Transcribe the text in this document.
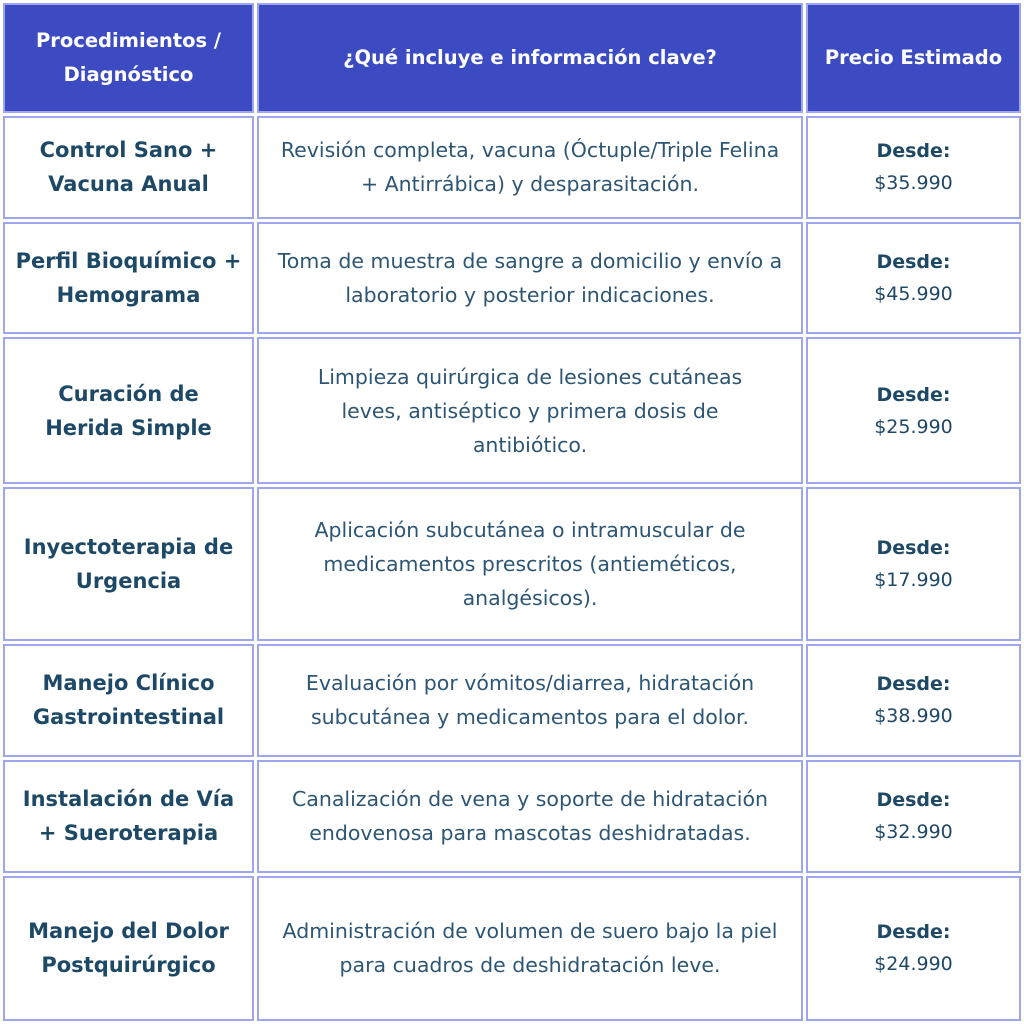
Procedimientos / Diagnóstico	¿Qué incluye e información clave?	Precio Estimado
Control Sano + Vacuna Anual	Revisión completa, vacuna (Óctuple/Triple Felina + Antirrábica) y desparasitación.	Desde:
$35.990

Perfil Bioquímico + Hemograma	Toma de muestra de sangre a domicilio y envío a laboratorio y posterior indicaciones.	Desde:
$45.990

Curación de Herida Simple	Limpieza quirúrgica de lesiones cutáneas leves, antiséptico y primera dosis de antibiótico.	Desde:
$25.990

Inyectoterapia de Urgencia	Aplicación subcutánea o intramuscular de medicamentos prescritos (antieméticos, analgésicos).	Desde:
$17.990

Manejo Clínico Gastrointestinal	Evaluación por vómitos/diarrea, hidratación subcutánea y medicamentos para el dolor.	Desde:
$38.990

Instalación de Vía + Sueroterapia	Canalización de vena y soporte de hidratación endovenosa para mascotas deshidratadas.	Desde:
$32.990

Manejo del Dolor Postquirúrgico	Administración de volumen de suero bajo la piel para cuadros de deshidratación leve.	Desde:
$24.990
